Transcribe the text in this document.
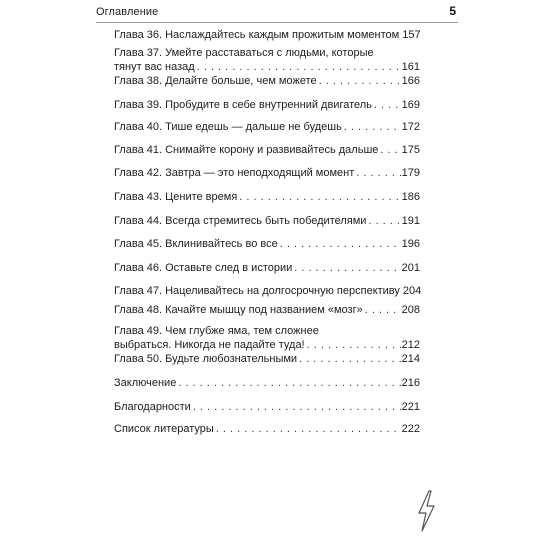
Оглавление	5
Глава 36. Наслаждайтесь каждым прожитым моментом . . . 157
Глава 37. Умейте расставаться с людьми, которые
тянут вас назад . . .	161
Глава 38. Делайте больше, чем можете . . .	166
Глава 39. Пробудите в себе внутренний двигатель . . .	169
Глава 40. Тише едешь — дальше не будешь . . .	172
Глава 41. Снимайте корону и развивайтесь дальше . . . 175
Глава 42. Завтра — это неподходящий момент . . .	179
Глава 43. Цените время . . .	186
Глава 44. Всегда стремитесь быть победителями . . .	191
Глава 45. Вклинивайтесь во все . . .	196
Глава 46. Оставьте след в истории . . .	201
Глава 47. Нацеливайтесь на долгосрочную перспективу . . . 204
Глава 48. Качайте мышцу под названием «мозг» . . .	208
Глава 49. Чем глубже яма, тем сложнее
выбраться. Никогда не падайте туда! . . .	212
Глава 50. Будьте любознательными . . .	214
Заключение . . .	216
Благодарности . . .	221
Список литературы . . .	222
